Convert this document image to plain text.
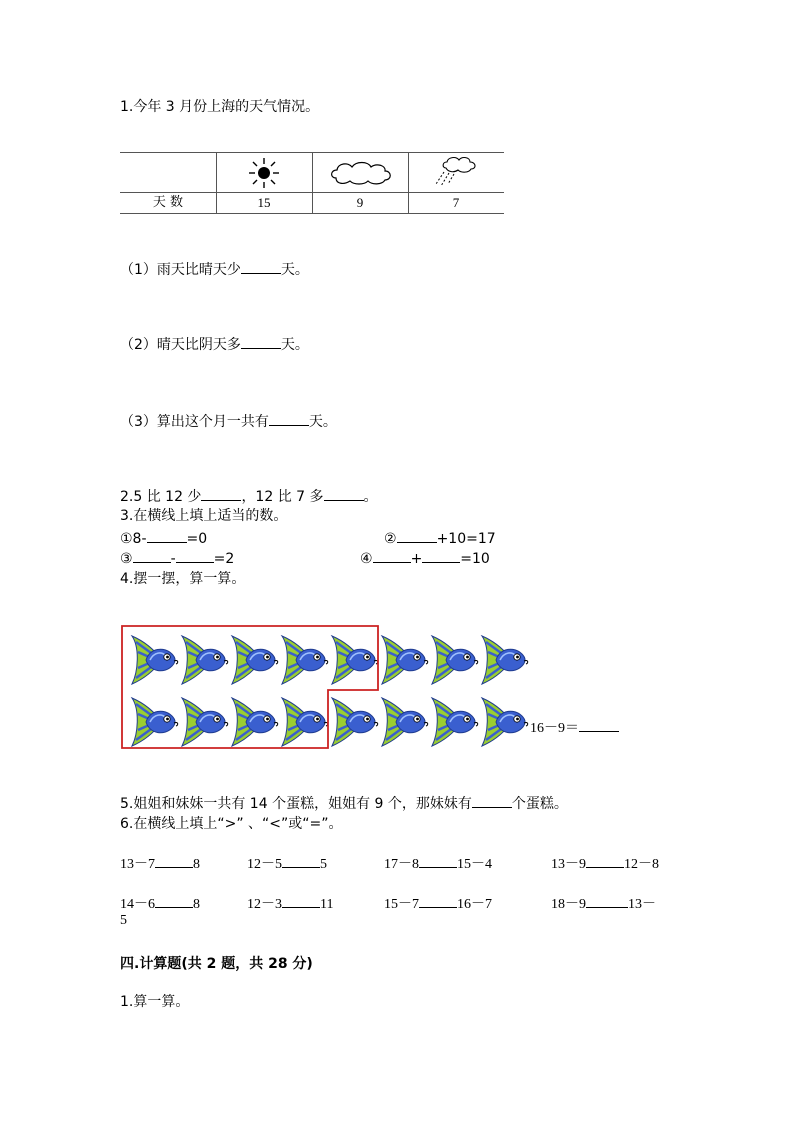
1.今年 3 月份上海的天气情况。
天 数	15	9	7
（1）雨天比晴天少	天。
（2）晴天比阴天多	天。
（3）算出这个月一共有	天。
2.5 比 12 少	，12 比 7 多	。
3.在横线上填上适当的数。
①8-	=0	②	+10=17
③	-	=2	④	+	=10
4.摆一摆，算一算。
16－9＝
5.姐姐和妹妹一共有 14 个蛋糕，姐姐有 9 个，那妹妹有	个蛋糕。
6.在横线上填上“>” 、“<”或“=”。
13－7	8	12－5	5	17－8	15－4	13－9	12－8
14－6	8	12－3	11	15－7	16－7	18－9	13－
5
四.计算题(共 2 题，共 28 分)
1.算一算。
